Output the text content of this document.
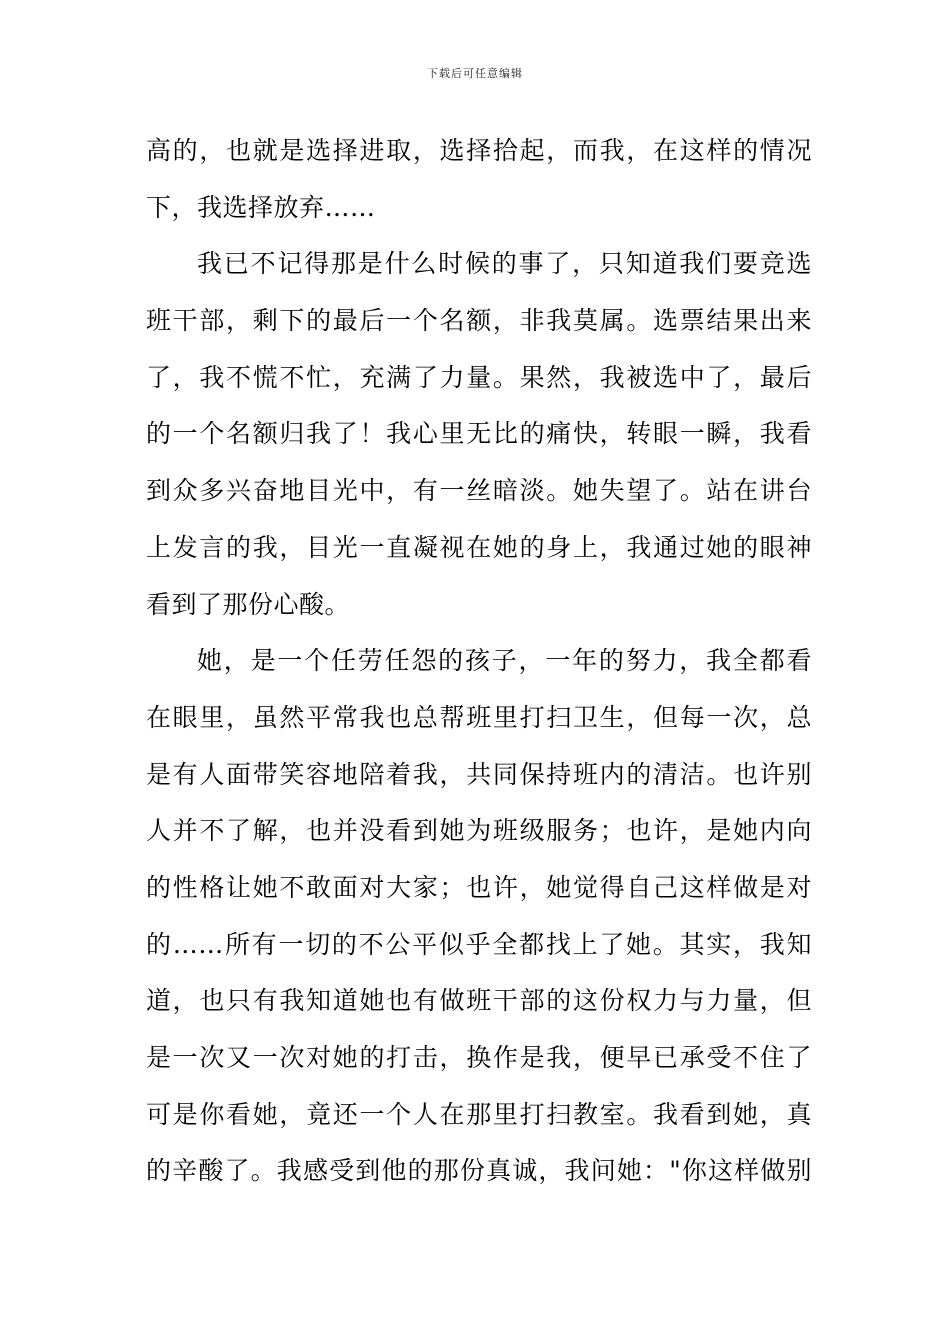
下载后可任意编辑
高的，也就是选择进取，选择拾起，而我，在这样的情况
下，我选择放弃……
我已不记得那是什么时候的事了，只知道我们要竞选
班干部，剩下的最后一个名额，非我莫属。选票结果出来
了，我不慌不忙，充满了力量。果然，我被选中了，最后
的一个名额归我了！我心里无比的痛快，转眼一瞬，我看
到众多兴奋地目光中，有一丝暗淡。她失望了。站在讲台
上发言的我，目光一直凝视在她的身上，我通过她的眼神
看到了那份心酸。
她，是一个任劳任怨的孩子，一年的努力，我全都看
在眼里，虽然平常我也总帮班里打扫卫生，但每一次，总
是有人面带笑容地陪着我，共同保持班内的清洁。也许别
人并不了解，也并没看到她为班级服务；也许，是她内向
的性格让她不敢面对大家；也许，她觉得自己这样做是对
的……所有一切的不公平似乎全都找上了她。其实，我知
道，也只有我知道她也有做班干部的这份权力与力量，但
是一次又一次对她的打击，换作是我，便早已承受不住了
可是你看她，竟还一个人在那里打扫教室。我看到她，真
的辛酸了。我感受到他的那份真诚，我问她："你这样做别
